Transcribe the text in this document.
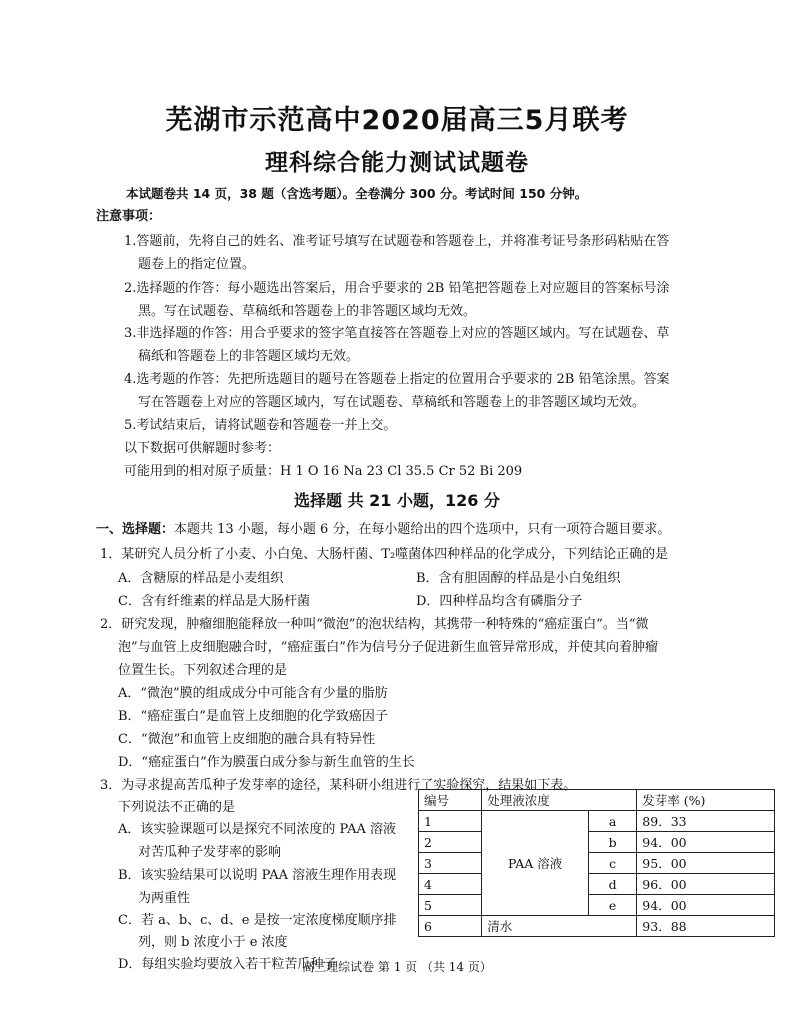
芜湖市示范高中2020届高三5月联考
理科综合能力测试试题卷
本试题卷共 14 页，38 题（含选考题）。全卷满分 300 分。考试时间 150 分钟。
注意事项：
1.答题前，先将自己的姓名、准考证号填写在试题卷和答题卷上，并将准考证号条形码粘贴在答
题卷上的指定位置。
2.选择题的作答：每小题选出答案后，用合乎要求的 2B 铅笔把答题卷上对应题目的答案标号涂
黑。写在试题卷、草稿纸和答题卷上的非答题区域均无效。
3.非选择题的作答：用合乎要求的签字笔直接答在答题卷上对应的答题区域内。写在试题卷、草
稿纸和答题卷上的非答题区域均无效。
4.选考题的作答：先把所选题目的题号在答题卷上指定的位置用合乎要求的 2B 铅笔涂黑。答案
写在答题卷上对应的答题区域内，写在试题卷、草稿纸和答题卷上的非答题区域均无效。
5.考试结束后，请将试题卷和答题卷一并上交。
以下数据可供解题时参考：
可能用到的相对原子质量：H 1 O 16 Na 23 Cl 35.5 Cr 52 Bi 209
选择题 共 21 小题，126 分
一、选择题：本题共 13 小题，每小题 6 分，在每小题给出的四个选项中，只有一项符合题目要求。
1．某研究人员分析了小麦、小白兔、大肠杆菌、T₂噬菌体四种样品的化学成分，下列结论正确的是
A．含糖原的样品是小麦组织	B．含有胆固醇的样品是小白兔组织
C．含有纤维素的样品是大肠杆菌	D．四种样品均含有磷脂分子
2．研究发现，肿瘤细胞能释放一种叫“微泡”的泡状结构，其携带一种特殊的“癌症蛋白”。当“微
泡”与血管上皮细胞融合时，“癌症蛋白”作为信号分子促进新生血管异常形成，并使其向着肿瘤
位置生长。下列叙述合理的是
A．“微泡”膜的组成成分中可能含有少量的脂肪
B．“癌症蛋白”是血管上皮细胞的化学致癌因子
C．“微泡”和血管上皮细胞的融合具有特异性
D．“癌症蛋白”作为膜蛋白成分参与新生血管的生长
3．为寻求提高苦瓜种子发芽率的途径，某科研小组进行了实验探究，结果如下表。
下列说法不正确的是
A．该实验课题可以是探究不同浓度的 PAA 溶液
对苦瓜种子发芽率的影响
B．该实验结果可以说明 PAA 溶液生理作用表现
为两重性
C．若 a、b、c、d、e 是按一定浓度梯度顺序排
列，则 b 浓度小于 e 浓度
D．每组实验均要放入若干粒苦瓜种子
编号	处理液浓度		发芽率 (%)
1	PAA 溶液	a	89．33
2		b	94．00
3		c	95．00
4		d	96．00
5		e	94．00
6	清水		93．88
高三理综试卷 第 1 页 （共 14 页）
